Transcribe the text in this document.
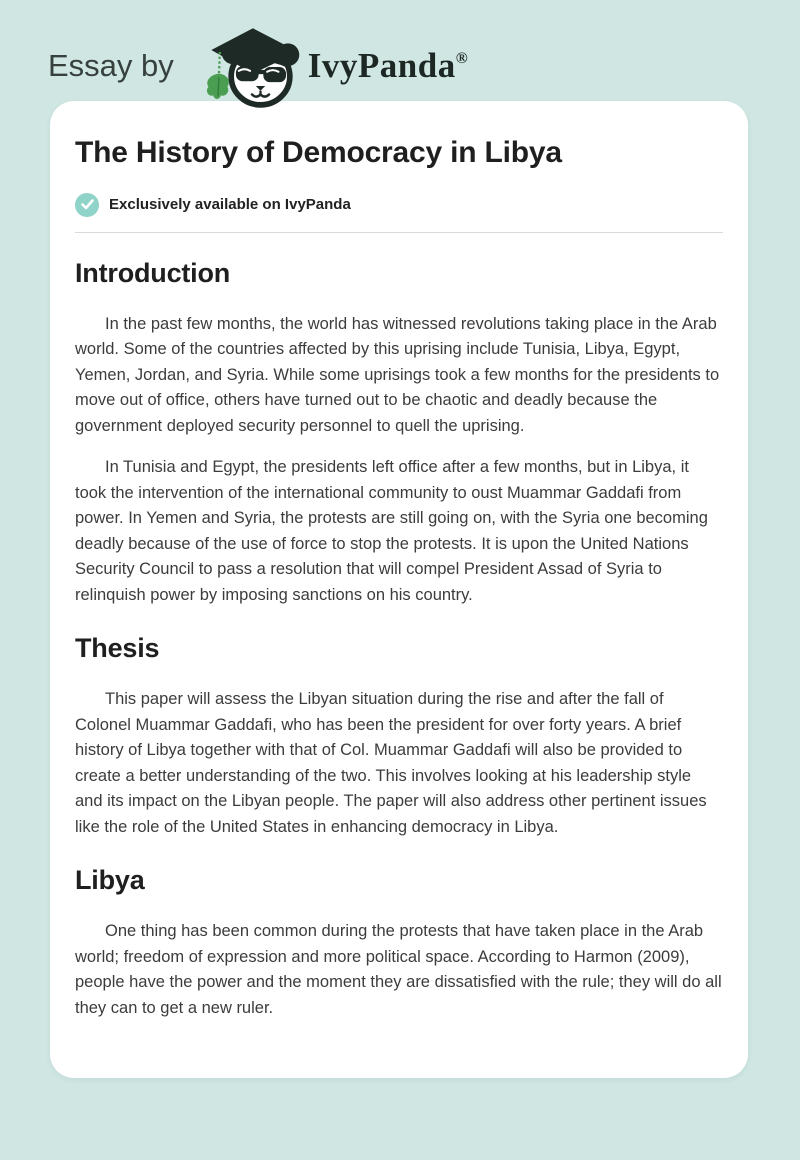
Essay by	IvyPanda®
The History of Democracy in Libya
Exclusively available on IvyPanda
Introduction

In the past few months, the world has witnessed revolutions taking place in the Arab world. Some of the countries affected by this uprising include Tunisia, Libya, Egypt, Yemen, Jordan, and Syria. While some uprisings took a few months for the presidents to move out of office, others have turned out to be chaotic and deadly because the government deployed security personnel to quell the uprising.

In Tunisia and Egypt, the presidents left office after a few months, but in Libya, it took the intervention of the international community to oust Muammar Gaddafi from power. In Yemen and Syria, the protests are still going on, with the Syria one becoming deadly because of the use of force to stop the protests. It is upon the United Nations Security Council to pass a resolution that will compel President Assad of Syria to relinquish power by imposing sanctions on his country.

Thesis

This paper will assess the Libyan situation during the rise and after the fall of Colonel Muammar Gaddafi, who has been the president for over forty years. A brief history of Libya together with that of Col. Muammar Gaddafi will also be provided to create a better understanding of the two. This involves looking at his leadership style and its impact on the Libyan people. The paper will also address other pertinent issues like the role of the United States in enhancing democracy in Libya.

Libya

One thing has been common during the protests that have taken place in the Arab world; freedom of expression and more political space. According to Harmon (2009), people have the power and the moment they are dissatisfied with the rule; they will do all they can to get a new ruler.
